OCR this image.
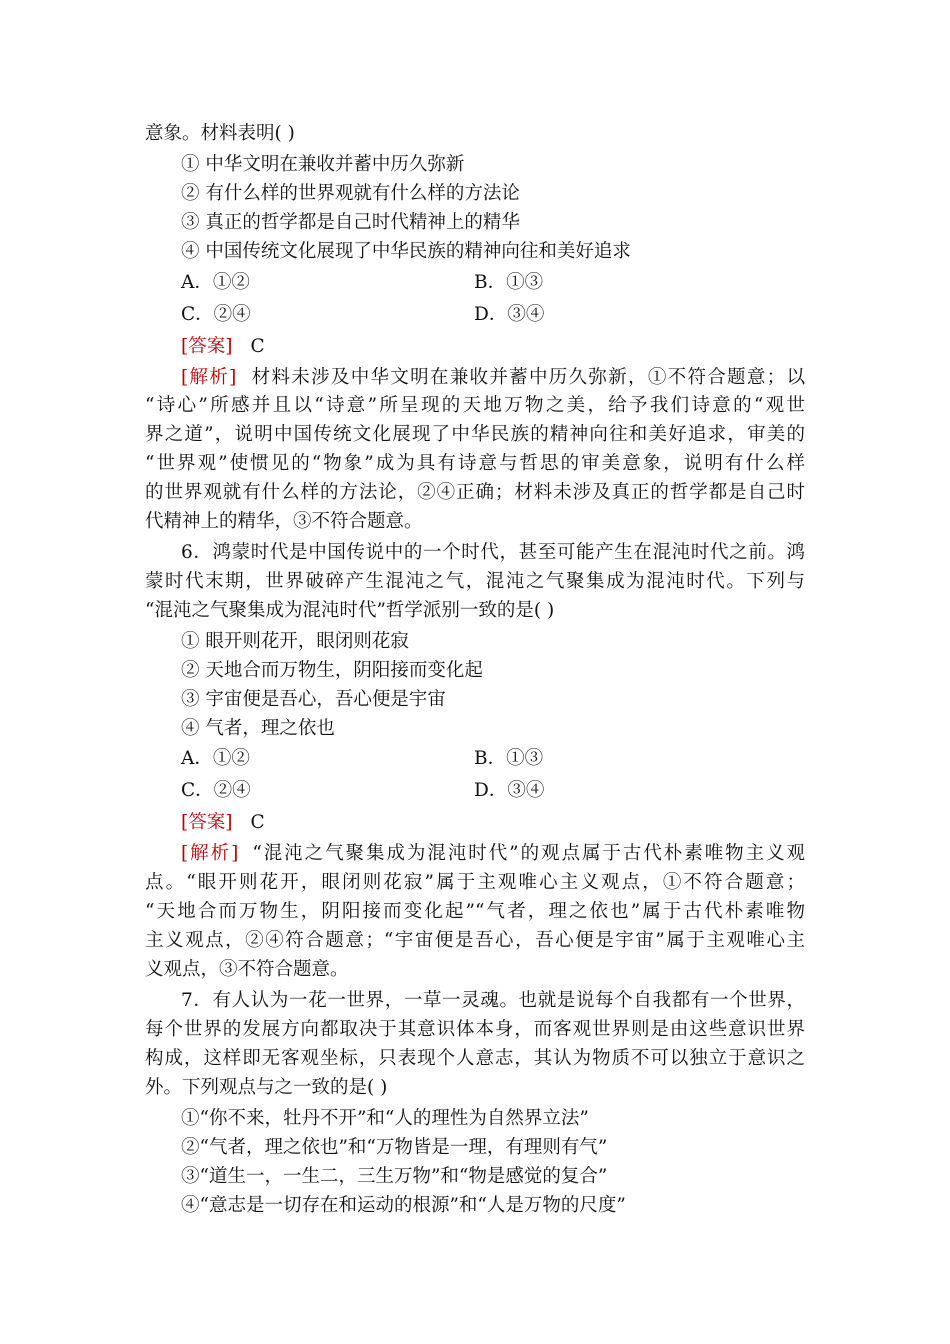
意象。材料表明( )
① 中华文明在兼收并蓄中历久弥新
② 有什么样的世界观就有什么样的方法论
③ 真正的哲学都是自己时代精神上的精华
④ 中国传统文化展现了中华民族的精神向往和美好追求
A．①②	B．①③
C．②④	D．③④
[答案] C
[解析] 材料未涉及中华文明在兼收并蓄中历久弥新，①不符合题意；以
“诗心”所感并且以“诗意”所呈现的天地万物之美，给予我们诗意的“观世
界之道”，说明中国传统文化展现了中华民族的精神向往和美好追求，审美的
“世界观”使惯见的“物象”成为具有诗意与哲思的审美意象，说明有什么样
的世界观就有什么样的方法论，②④正确；材料未涉及真正的哲学都是自己时
代精神上的精华，③不符合题意。
6．鸿蒙时代是中国传说中的一个时代，甚至可能产生在混沌时代之前。鸿
蒙时代末期，世界破碎产生混沌之气，混沌之气聚集成为混沌时代。下列与
“混沌之气聚集成为混沌时代”哲学派别一致的是( )
① 眼开则花开，眼闭则花寂
② 天地合而万物生，阴阳接而变化起
③ 宇宙便是吾心，吾心便是宇宙
④ 气者，理之依也
A．①②	B．①③
C．②④	D．③④
[答案] C
[解析] “混沌之气聚集成为混沌时代”的观点属于古代朴素唯物主义观
点。“眼开则花开，眼闭则花寂”属于主观唯心主义观点，①不符合题意；
“天地合而万物生，阴阳接而变化起”“气者，理之依也”属于古代朴素唯物
主义观点，②④符合题意；“宇宙便是吾心，吾心便是宇宙”属于主观唯心主
义观点，③不符合题意。
7．有人认为一花一世界，一草一灵魂。也就是说每个自我都有一个世界，
每个世界的发展方向都取决于其意识体本身，而客观世界则是由这些意识世界
构成，这样即无客观坐标，只表现个人意志，其认为物质不可以独立于意识之
外。下列观点与之一致的是( )
①“你不来，牡丹不开”和“人的理性为自然界立法”
②“气者，理之依也”和“万物皆是一理，有理则有气”
③“道生一，一生二，三生万物”和“物是感觉的复合”
④“意志是一切存在和运动的根源”和“人是万物的尺度”
